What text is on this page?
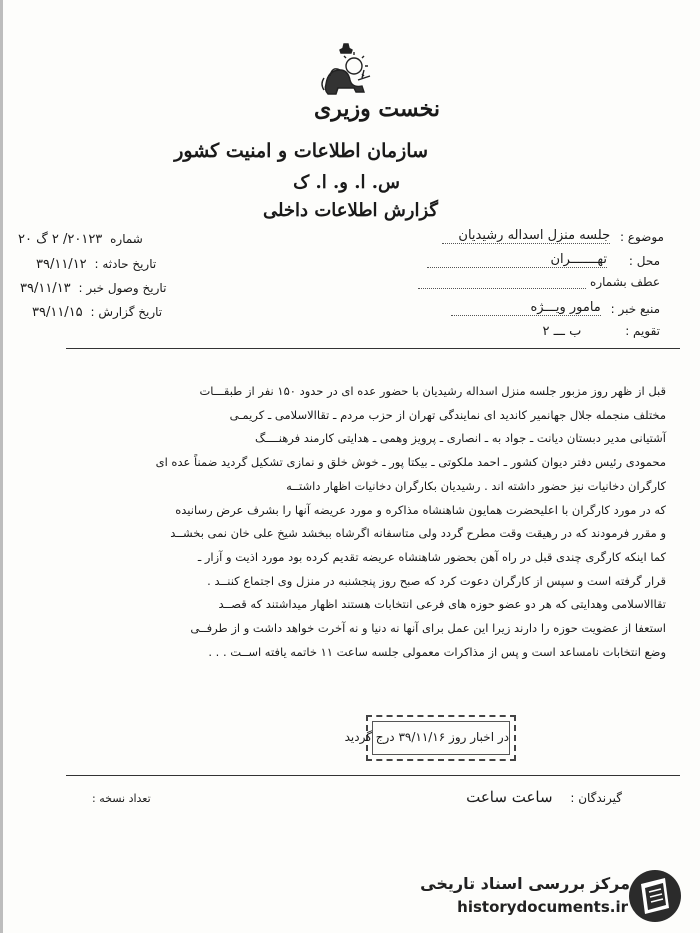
نخست وزیری
سازمان اطلاعات و امنیت کشور
س. ا. و. ا. ک
گزارش اطلاعات داخلی
موضوع : جلسه منزل اسداله رشیدیان
محل : تهـــــــران
عطف بشماره
منبع خبر : مامور ویـــژه
تقویم : ب ـــ ۲
شماره ۲۰۱۲۳/ ۲ گ ۲۰
تاریخ حادثه : ۳۹/۱۱/۱۲
تاریخ وصول خبر : ۳۹/۱۱/۱۳
تاریخ گزارش : ۳۹/۱۱/۱۵

قبل از ظهر روز مزبور جلسه منزل اسداله رشیدیان با حضور عده ای در حدود ۱۵۰ نفر از طبقـــات

مختلف منجمله جلال جهانمیر کاندید ای نمایندگی تهران از حزب مردم ـ تقاالاسلامی ـ کریمـی

آشتیانی مدیر دبستان دیانت ـ جواد به ـ انصاری ـ پرویز وهمی ـ هدایتی کارمند فرهنــــگ

محمودی رئیس دفتر دیوان کشور ـ احمد ملکوتی ـ بیکتا پور ـ خوش خلق و نمازی تشکیل گردید ضمناً عده ای

کارگران دخانیات نیز حضور داشته اند . رشیدیان بکارگران دخانیات اظهار داشتــه

که در مورد کارگران با اعلیحضرت همایون شاهنشاه مذاکره و مورد عریضه آنها را بشرف عرض رسانیده

و مقرر فرمودند که در رهیقت وقت مطرح گردد ولی متاسفانه اگرشاه ببخشد شیخ علی خان نمی بخشــد

کما اینکه کارگری چندی قبل در راه آهن بحضور شاهنشاه عریضه تقدیم کرده بود مورد اذیت و آزار ـ

قرار گرفته است و سپس از کارگران دعوت کرد که صبح روز پنجشنبه در منزل وی اجتماع کننــد .

تقاالاسلامی وهدایتی که هر دو عضو حوزه های فرعی انتخابات هستند اظهار میداشتند که قصــد

استعفا از عضویت حوزه را دارند زیرا این عمل برای آنها نه دنیا و نه آخرت خواهد داشت و از طرفــی

وضع انتخابات نامساعد است و پس از مذاکرات معمولی جلسه ساعت ۱۱ خاتمه یافته اســت . . .

در اخبار روز ۳۹/۱۱/۱۶ درج گردید
گیرندگان : ساعت ساعت
تعداد نسخه :
مرکز بررسی اسناد تاریخی
historydocuments.ir
